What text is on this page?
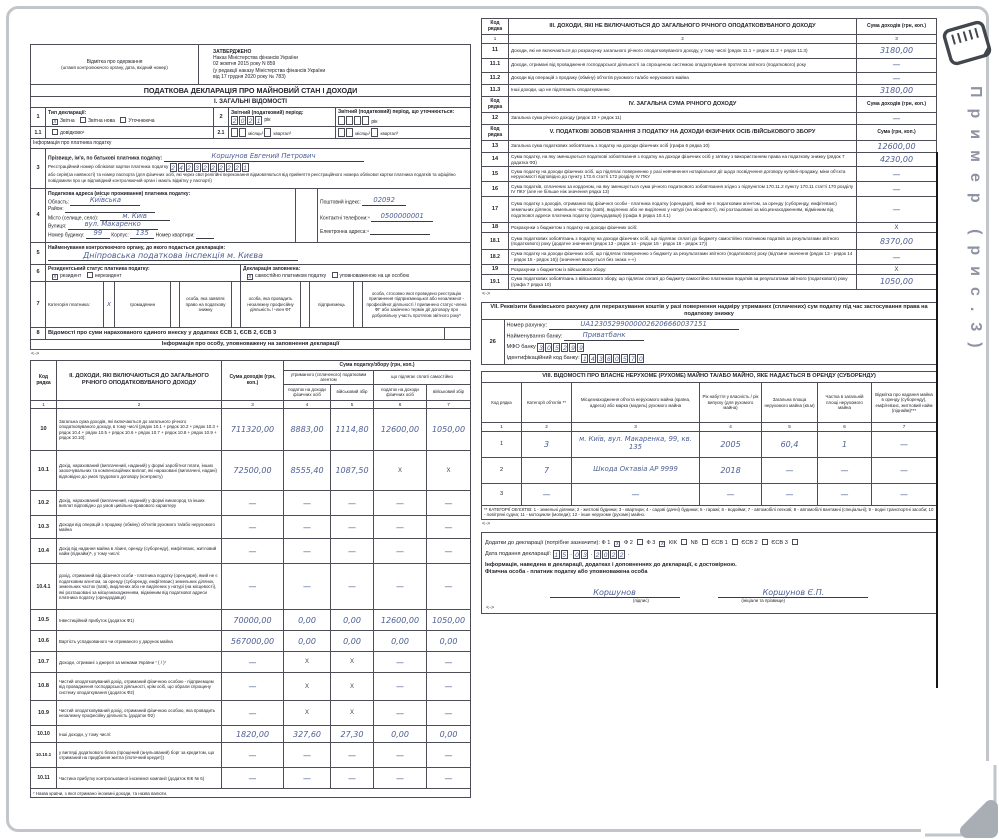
Відмітка про одержання
(штамп контролюючого органу, дата, вхідний номер)

ЗАТВЕРДЖЕНО
Наказ Міністерства фінансів України
02 жовтня 2015 року N 859
(у редакції наказу Міністерства фінансів України
від 17 грудня 2020 року № 783)
ПОДАТКОВА ДЕКЛАРАЦІЯ ПРО МАЙНОВИЙ СТАН І ДОХОДИ
І. ЗАГАЛЬНІ ВІДОМОСТІ
1	Тип декларації:
х Звітна Звітна нова Уточнююча	2	Звітний (податковий) період:
2 0 2 1 рік	Звітний (податковий) період, що уточнюється:
рік
1.1	довідково¹	2.1	місяць² квартал³	місяць² квартал³
Інформація про платника податку
3	
Прізвище, ім'я, по батькові платника податку:	Коршунов Евгений Петрович
Реєстраційний номер облікової картки платника податку 2 4 2 3 2 2 2 2 2 1
або серія(за наявності) та номер паспорта (для фізичних осіб, які через свої релігійні переконання відмовляються від прийняття реєстраційного номера облікової картки платника податків та офіційно повідомили про це відповідний контролюючий орган і мають відмітку у паспорті)
4	
Податкова адреса (місце проживання) платника податку:
Область:	Київська
Район:
Місто (селище, село):	м. Київ
Вулиця:	вул. Макаренко
Номер будинку: 99 Корпус: 135 Номер квартири:

Поштовий індекс: 02092
Контактні телефони:⁴ 0500000001
Електронна адреса:⁴
5	Найменування контролюючого органу, до якого подається декларація:
Дніпровська податкова інспекція м. Києва
6	Резидентський статус платника податку:
х резидент	нерезидент	Декларація заповнена:
х самостійно платником податку	уповноваженою на це особою
7	Категорія платника:	х	громадянин		особа, яка заявляє право на податкову знижку		особа, яка провадить незалежну професійну діяльність / член ФГ		підприємець		особа, стосовно якої проведено реєстрацію припинення підприємницької або незалежної - професійної діяльності / припинено статус члена ФГ або закінчено термін дії договору про добровільну участь протягом звітного року⁵
8	Відомості про суми нарахованого єдиного внеску у додатках ЄСВ 1, ЄСВ 2, ЄСВ 3	
Інформація про особу, уповноважену на заповнення декларації
<->
Код рядка	ІІ. ДОХОДИ, ЯКІ ВКЛЮЧАЮТЬСЯ ДО ЗАГАЛЬНОГО РІЧНОГО ОПОДАТКОВУВАНОГО ДОХОДУ	Сума доходів (грн, коп.)	Сума податку/збору (грн, коп.)			
			утриманого (сплаченого) податковим агентом		що підлягає сплаті самостійно	
			податок на доходи фізичних осіб	військовий збір	податок на доходи фізичних осіб	військовий збір
1	2	3	4	5	6	7
10	Загальна сума доходів, які включаються до загального річного оподатковуваного доходу, в тому числі (рядок 10.1 + рядок 10.2 + рядок 10.3 + рядок 10.4 + рядок 10.5 + рядок 10.6 + рядок 10.7 + рядок 10.8 + рядок 10.9 + рядок 10.10):	711320,00	8883,00	1114,80	12600,00	1050,00
10.1	Дохід, нарахований (виплачений, наданий) у формі заробітної плати, інших заохочувальних та компенсаційних виплат, які нараховані (виплачені, надані) відповідно до умов трудового договору (контракту)	72500,00	8555,40	1087,50	X	X
10.2	Дохід, нарахований (виплачений, наданий) у формі винагород та інших виплат відповідно до умов цивільно-правового характеру	—	—	—	—	—
10.3	Доходи від операцій з продажу (обміну) об'єктів рухомого та/або нерухомого майна	—	—	—	—	—
10.4	Дохід від надання майна в лізинг, оренду (суборенду), емфітевзис, житловий найм (піднайм)⁵, у тому числі:	—	—	—	—	—
10.4.1	дохід, отриманий від фізичної особи - платника податку (орендаря), який не є податковим агентом, за оренду (суборенду, емфітевзис) земельних ділянок, земельних часток (паїв), виділених або не виділених у натурі (на місцевості), які розташовані за місцезнаходженням, відмінним від податкової адреси платника податку (орендодавця)	—	—	—	—	—
10.5	Інвестиційний прибуток (додаток Ф1)	70000,00	0,00	0,00	12600,00	1050,00
10.6	Вартість успадкованого чи отриманого у дарунок майна	567000,00	0,00	0,00	0,00	0,00
10.7	Доходи, отримані з джерел за межами України ⁷ ( / )⁷	—	X	X	—	—
10.8	Чистий оподатковуваний дохід, отриманий фізичною особою - підприємцем від провадження господарської діяльності, крім осіб, що обрали спрощену систему оподаткування (додаток Ф2)	—	X	X	—	—
10.9	Чистий оподатковуваний дохід, отриманий фізичною особою, яка провадить незалежну професійну діяльність (додаток Ф2)	—	X	X	—	—
10.10	Інші доходи, у тому числі:	1820,00	327,60	27,30	0,00	0,00
10.10.1	у вигляді додаткового блага (прощений (анульований) борг за кредитом, що отриманий на придбання житла (іпотечний кредит))	—	—	—	—	—
10.11	Частина прибутку контрольованої іноземної компанії (додаток КІК № 6)	—	—	—	—	—
⁷ Назва країни, з якої отримано іноземні доходи, та назва валюти.						
Код рядка	ІІІ. ДОХОДИ, ЯКІ НЕ ВКЛЮЧАЮТЬСЯ ДО ЗАГАЛЬНОГО РІЧНОГО ОПОДАТКОВУВАНОГО ДОХОДУ	Сума доходів (грн, коп.)
1	2	3
11	Доходи, які не включаються до розрахунку загального річного оподатковуваного доходу, у тому числі (рядок 11.1 + рядок 11.2 + рядок 11.3)	3180,00
11.1	Доходи, отримані від провадження господарської діяльності за спрощеною системою оподаткування протягом звітного (податкового) року	—
11.2	Доходи від операцій з продажу (обміну) об'єктів рухомого та/або нерухомого майна	—
11.3	Інші доходи, що не підлягають оподаткуванню	3180,00
Код рядка	IV. ЗАГАЛЬНА СУМА РІЧНОГО ДОХОДУ	Сума доходів (грн, коп.)
12	Загальна сума річного доходу (рядок 10 + рядок 11)	—
Код рядка	V. ПОДАТКОВІ ЗОБОВ'ЯЗАННЯ З ПОДАТКУ НА ДОХОДИ ФІЗИЧНИХ ОСІБ /ВІЙСЬКОВОГО ЗБОРУ	Сума (грн, коп.)
13	Загальна сума податкових зобов'язань з податку на доходи фізичних осіб (графа 6 рядка 10)	12600,00
14	Сума податку, на яку зменшуються податкові зобов'язання з податку на доходи фізичних осіб у зв'язку з використанням права на податкову знижку (рядок 7 додатка Ф3)	4230,00
15	Сума податку на доходи фізичних осіб, що підлягає поверненню у разі невчинення нотаріальної дії щодо посвідчення договору купівлі-продажу, міни об'єкта нерухомості відповідно до пункту 172.6 статті 172 розділу IV ПКУ	—
16	Сума податків, сплачених за кордоном, на яку зменшується сума річного податкового зобов'язання згідно з підпунктом 170.11.2 пункту 170.11 статті 170 розділу IV ПКУ (але не більше ніж значення рядка 13)	—
17	Сума податку з доходів, отриманих від фізичної особи - платника податку (орендаря), який не є податковим агентом, за оренду (суборенду, емфітевзис) земельних ділянок, земельних часток (паїв), виділених або не виділених у натурі (на місцевості), які розташовані за місцезнаходженням, відмінним від податкової адреси платника податку (орендодавця) (графа 6 рядка 10.4.1)	—
18	Розрахунки з бюджетом з податку на доходи фізичних осіб:	X
18.1	Сума податкових зобов'язань з податку на доходи фізичних осіб, що підлягає сплаті до бюджету самостійно платником податків за результатами звітного (податкового) року (додатне значення (рядок 13 - рядок 14 - рядок 15 - рядок 16 - рядок 17))	8370,00
18.2	Сума податку на доходи фізичних осіб, що підлягає поверненню з бюджету за результатами звітного (податкового) року (від'ємне значення (рядок 13 - рядок 14 - рядок 15 - рядок 16)) (значення вказується без знака «-»)	—
19	Розрахунки з бюджетом із військового збору:	X
19.1	Сума податкових зобов'язань з військового збору, що підлягає сплаті до бюджету самостійно платником податків за результатами звітного (податкового) року (графа 7 рядка 10)	1050,00
<->
VII. Реквізити банківського рахунку для перерахування коштів у разі повернення надміру утриманих (сплачених) сум податку під час застосування права на податкову знижку
26	
Номер рахунку:	UA123052990000026206660037151
Найменування банку:	Приватбанк
МФО банку 3 0 5 2 9 9
Ідентифікаційний код банку: 1 4 3 6 0 5 7 0
VIII. ВІДОМОСТІ ПРО ВЛАСНЕ НЕРУХОМЕ (РУХОМЕ) МАЙНО ТА/АБО МАЙНО, ЯКЕ НАДАЄТЬСЯ В ОРЕНДУ (СУБОРЕНДУ)						
Код рядка	Категорії об'єктів **	Місцезнаходження об'єкта нерухомого майна (країна, адреса) або марка (модель) рухомого майна	Рік набуття у власність / рік випуску (для рухомого майна)	Загальна площа нерухомого майна (кв.м)	Частка в загальній площі нерухомого майна	Відмітка про надання майна в оренду (суборенду), емфітевзис, житловий найм (піднайм)***
1	2	3	4	5	6	7
1	3	м. Київ, вул. Макаренка, 99, кв. 135	2005	60,4	1	—
2	7	Шкода Октавіа АР 9999	2018	—	—	—
3	—	—	—	—	—	—
** КАТЕГОРІЇ ОБ'ЄКТІВ: 1 - земельні ділянки; 2 - житлові будинки; 3 - квартири; 4 - садові (дачні) будинки; 5 - гаражі; 6 - водойми; 7 - автомобілі легкові; 8 - автомобілі вантажні (спеціальні); 9 - водні транспортні засоби; 10 - повітряні судна; 11 - мотоцикли (мопеди); 12 - інше нерухоме (рухоме) майно.						
<->
Додатки до декларації (потрібне зазначити): Ф 1 х Ф 2 Ф 3 х КІК N8 ЄСВ 1 ЄСВ 2 ЄСВ 3
Дата подання декларації: 1 5 . 0 3 . 2 0 2 2 .
Інформація, наведена в декларації, додатках і доповненнях до декларації, є достовірною.
Фізична особа - платник податку або уповноважена особа
Коршунов	Коршунов Є.П.
(підпис)	(ініціали та прізвище)
<->
Пример (рис.3)
